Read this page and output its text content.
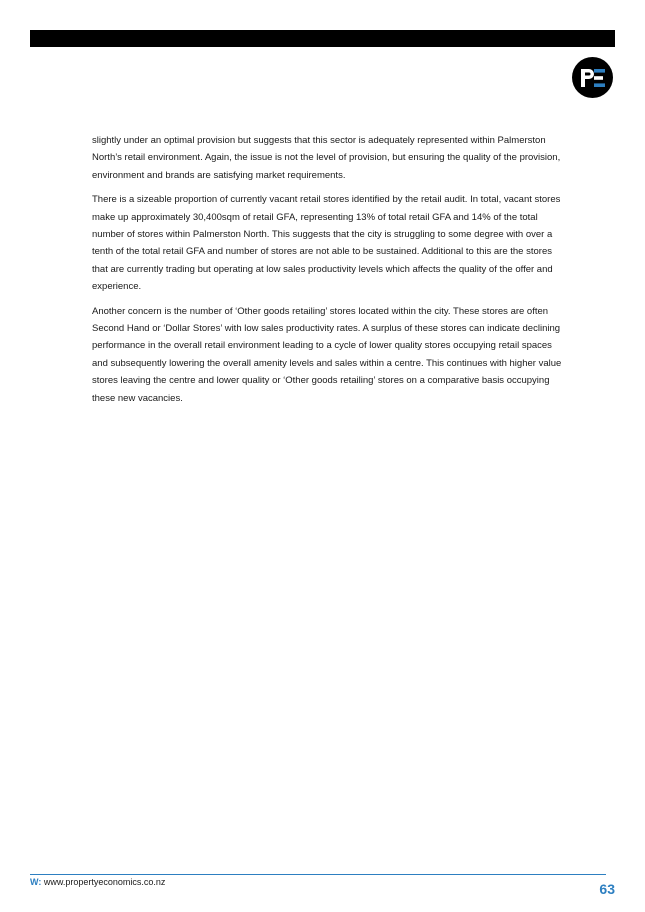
slightly under an optimal provision but suggests that this sector is adequately represented within Palmerston North’s retail environment. Again, the issue is not the level of provision, but ensuring the quality of the provision, environment and brands are satisfying market requirements.

There is a sizeable proportion of currently vacant retail stores identified by the retail audit. In total, vacant stores make up approximately 30,400sqm of retail GFA, representing 13% of total retail GFA and 14% of the total number of stores within Palmerston North. This suggests that the city is struggling to some degree with over a tenth of the total retail GFA and number of stores are not able to be sustained. Additional to this are the stores that are currently trading but operating at low sales productivity levels which affects the quality of the offer and experience.

Another concern is the number of ‘Other goods retailing’ stores located within the city. These stores are often Second Hand or ‘Dollar Stores’ with low sales productivity rates. A surplus of these stores can indicate declining performance in the overall retail environment leading to a cycle of lower quality stores occupying retail spaces and subsequently lowering the overall amenity levels and sales within a centre. This continues with higher value stores leaving the centre and lower quality or ‘Other goods retailing’ stores on a comparative basis occupying these new vacancies.

W: www.propertyeconomics.co.nz	63
